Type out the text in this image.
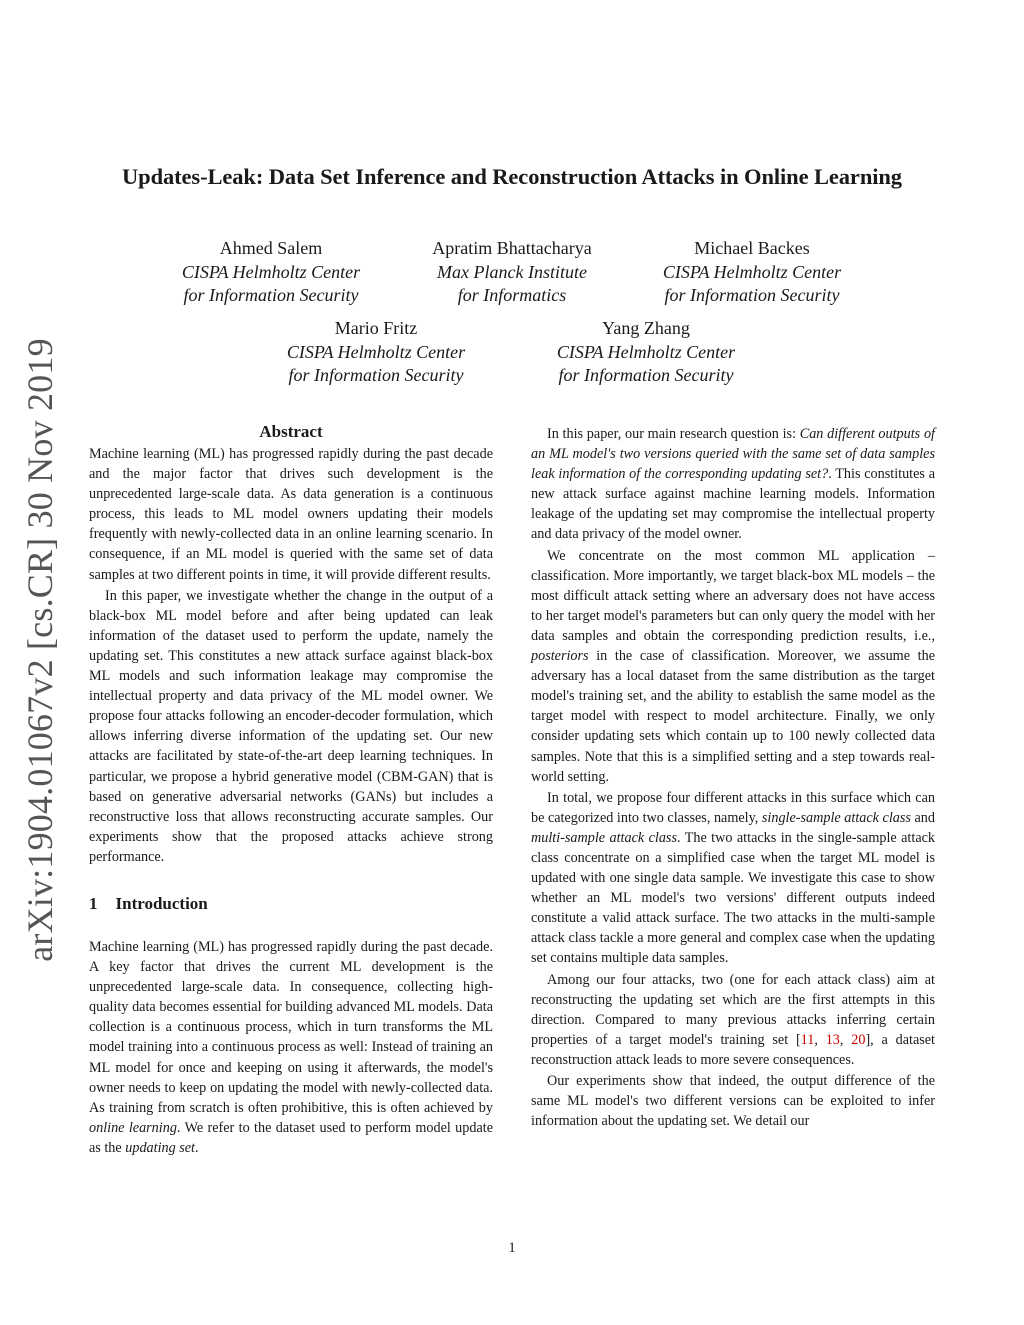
arXiv:1904.01067v2 [cs.CR] 30 Nov 2019
Updates-Leak: Data Set Inference and Reconstruction Attacks in Online Learning
Ahmed Salem
CISPA Helmholtz Center
for Information Security
Apratim Bhattacharya
Max Planck Institute
for Informatics
Michael Backes
CISPA Helmholtz Center
for Information Security
Mario Fritz
CISPA Helmholtz Center
for Information Security
Yang Zhang
CISPA Helmholtz Center
for Information Security
Abstract

Machine learning (ML) has progressed rapidly during the past decade and the major factor that drives such development is the unprecedented large-scale data. As data generation is a continuous process, this leads to ML model owners updating their models frequently with newly-collected data in an online learning scenario. In consequence, if an ML model is queried with the same set of data samples at two different points in time, it will provide different results.

In this paper, we investigate whether the change in the output of a black-box ML model before and after being updated can leak information of the dataset used to perform the update, namely the updating set. This constitutes a new attack surface against black-box ML models and such information leakage may compromise the intellectual property and data privacy of the ML model owner. We propose four attacks following an encoder-decoder formulation, which allows inferring diverse information of the updating set. Our new attacks are facilitated by state-of-the-art deep learning techniques. In particular, we propose a hybrid generative model (CBM-GAN) that is based on generative adversarial networks (GANs) but includes a reconstructive loss that allows reconstructing accurate samples. Our experiments show that the proposed attacks achieve strong performance.

1 Introduction

Machine learning (ML) has progressed rapidly during the past decade. A key factor that drives the current ML development is the unprecedented large-scale data. In consequence, collecting high-quality data becomes essential for building advanced ML models. Data collection is a continuous process, which in turn transforms the ML model training into a continuous process as well: Instead of training an ML model for once and keeping on using it afterwards, the model's owner needs to keep on updating the model with newly-collected data. As training from scratch is often prohibitive, this is often achieved by online learning. We refer to the dataset used to perform model update as the updating set.

In this paper, our main research question is: Can different outputs of an ML model's two versions queried with the same set of data samples leak information of the corresponding updating set?. This constitutes a new attack surface against machine learning models. Information leakage of the updating set may compromise the intellectual property and data privacy of the model owner.

We concentrate on the most common ML application – classification. More importantly, we target black-box ML models – the most difficult attack setting where an adversary does not have access to her target model's parameters but can only query the model with her data samples and obtain the corresponding prediction results, i.e., posteriors in the case of classification. Moreover, we assume the adversary has a local dataset from the same distribution as the target model's training set, and the ability to establish the same model as the target model with respect to model architecture. Finally, we only consider updating sets which contain up to 100 newly collected data samples. Note that this is a simplified setting and a step towards real-world setting.

In total, we propose four different attacks in this surface which can be categorized into two classes, namely, single-sample attack class and multi-sample attack class. The two attacks in the single-sample attack class concentrate on a simplified case when the target ML model is updated with one single data sample. We investigate this case to show whether an ML model's two versions' different outputs indeed constitute a valid attack surface. The two attacks in the multi-sample attack class tackle a more general and complex case when the updating set contains multiple data samples.

Among our four attacks, two (one for each attack class) aim at reconstructing the updating set which are the first attempts in this direction. Compared to many previous attacks inferring certain properties of a target model's training set [11, 13, 20], a dataset reconstruction attack leads to more severe consequences.

Our experiments show that indeed, the output difference of the same ML model's two different versions can be exploited to infer information about the updating set. We detail our

1
